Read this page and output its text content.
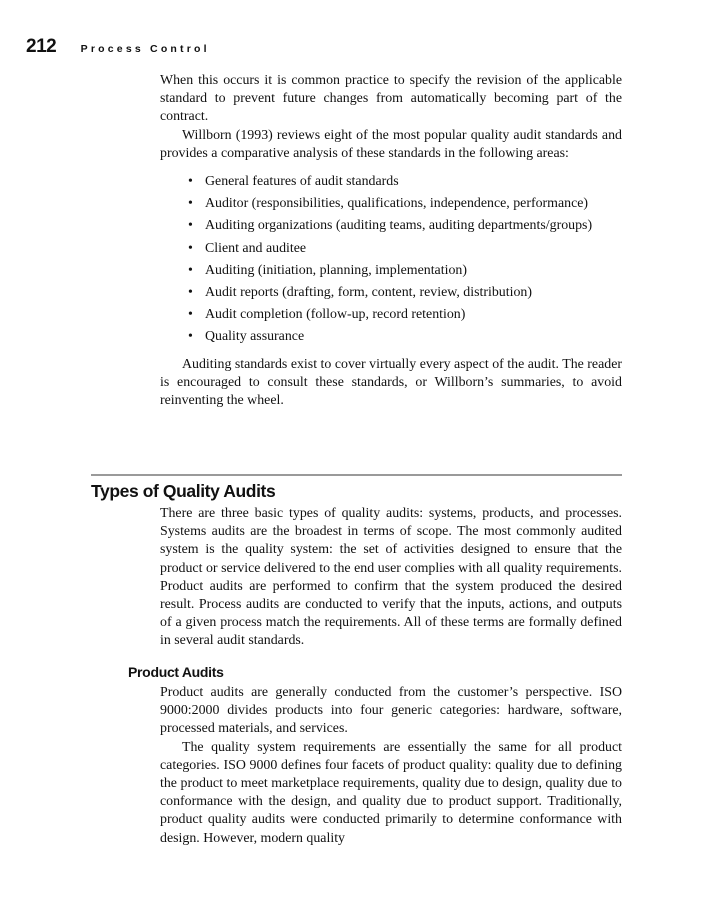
212 Process Control

When this occurs it is common practice to specify the revision of the applicable standard to prevent future changes from automatically becoming part of the contract.

Willborn (1993) reviews eight of the most popular quality audit standards and provides a comparative analysis of these standards in the following areas:

• General features of audit standards
• Auditor (responsibilities, qualifications, independence, performance)
• Auditing organizations (auditing teams, auditing departments/groups)
• Client and auditee
• Auditing (initiation, planning, implementation)
• Audit reports (drafting, form, content, review, distribution)
• Audit completion (follow-up, record retention)
• Quality assurance

Auditing standards exist to cover virtually every aspect of the audit. The reader is encouraged to consult these standards, or Willborn’s summaries, to avoid reinventing the wheel.

Types of Quality Audits

There are three basic types of quality audits: systems, products, and processes. Systems audits are the broadest in terms of scope. The most commonly audited system is the quality system: the set of activities designed to ensure that the product or service delivered to the end user complies with all quality requirements. Product audits are performed to confirm that the system produced the desired result. Process audits are conducted to verify that the inputs, actions, and outputs of a given process match the requirements. All of these terms are formally defined in several audit standards.

Product Audits

Product audits are generally conducted from the customer’s perspective. ISO 9000:2000 divides products into four generic categories: hardware, software, processed materials, and services.

The quality system requirements are essentially the same for all product categories. ISO 9000 defines four facets of product quality: quality due to defining the product to meet marketplace requirements, quality due to design, quality due to conformance with the design, and quality due to product support. Traditionally, product quality audits were conducted primarily to determine conformance with design. However, modern quality
